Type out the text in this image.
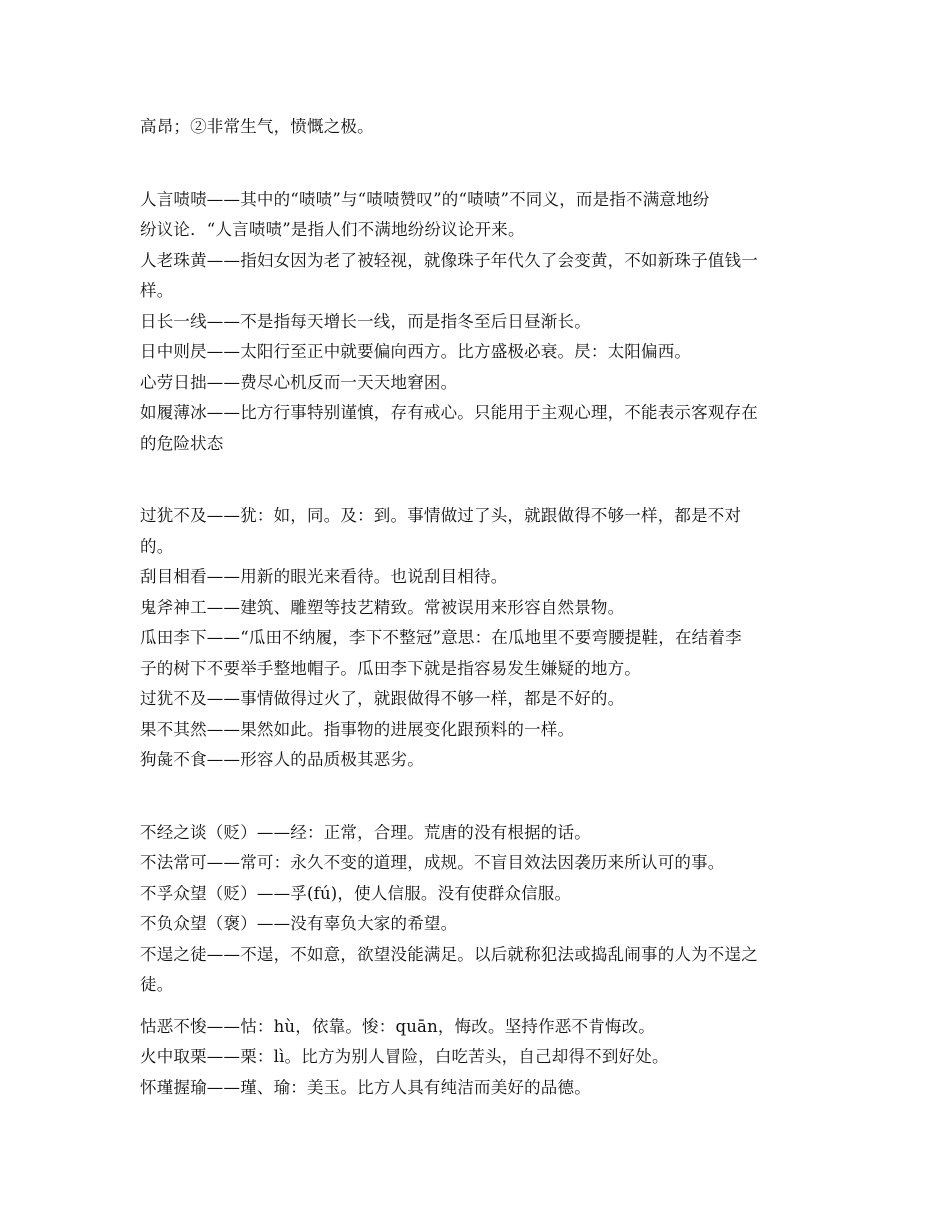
高昂；②非常生气，愤慨之极。
人言啧啧——其中的“啧啧”与“啧啧赞叹”的“啧啧”不同义，而是指不满意地纷
纷议论．“人言啧啧”是指人们不满地纷纷议论开来。
人老珠黄——指妇女因为老了被轻视，就像珠子年代久了会变黄，不如新珠子值钱一
样。
日长一线——不是指每天增长一线，而是指冬至后日昼渐长。
日中则昃——太阳行至正中就要偏向西方。比方盛极必衰。昃：太阳偏西。
心劳日拙——费尽心机反而一天天地窘困。
如履薄冰——比方行事特别谨慎，存有戒心。只能用于主观心理，不能表示客观存在
的危险状态
过犹不及——犹：如，同。及：到。事情做过了头，就跟做得不够一样，都是不对
的。
刮目相看——用新的眼光来看待。也说刮目相待。
鬼斧神工——建筑、雕塑等技艺精致。常被误用来形容自然景物。
瓜田李下——“瓜田不纳履，李下不整冠”意思：在瓜地里不要弯腰提鞋，在结着李
子的树下不要举手整地帽子。瓜田李下就是指容易发生嫌疑的地方。
过犹不及——事情做得过火了，就跟做得不够一样，都是不好的。
果不其然——果然如此。指事物的进展变化跟预料的一样。
狗彘不食——形容人的品质极其恶劣。
不经之谈（贬）——经：正常，合理。荒唐的没有根据的话。
不法常可——常可：永久不变的道理，成规。不盲目效法因袭历来所认可的事。
不孚众望（贬）——孚(fú)，使人信服。没有使群众信服。
不负众望（褒）——没有辜负大家的希望。
不逞之徒——不逞，不如意，欲望没能满足。以后就称犯法或捣乱闹事的人为不逞之
徒。
怙恶不悛——怙：hù，依靠。悛：quān，悔改。坚持作恶不肯悔改。
火中取栗——栗：lì。比方为别人冒险，白吃苦头，自己却得不到好处。
怀瑾握瑜——瑾、瑜：美玉。比方人具有纯洁而美好的品德。
